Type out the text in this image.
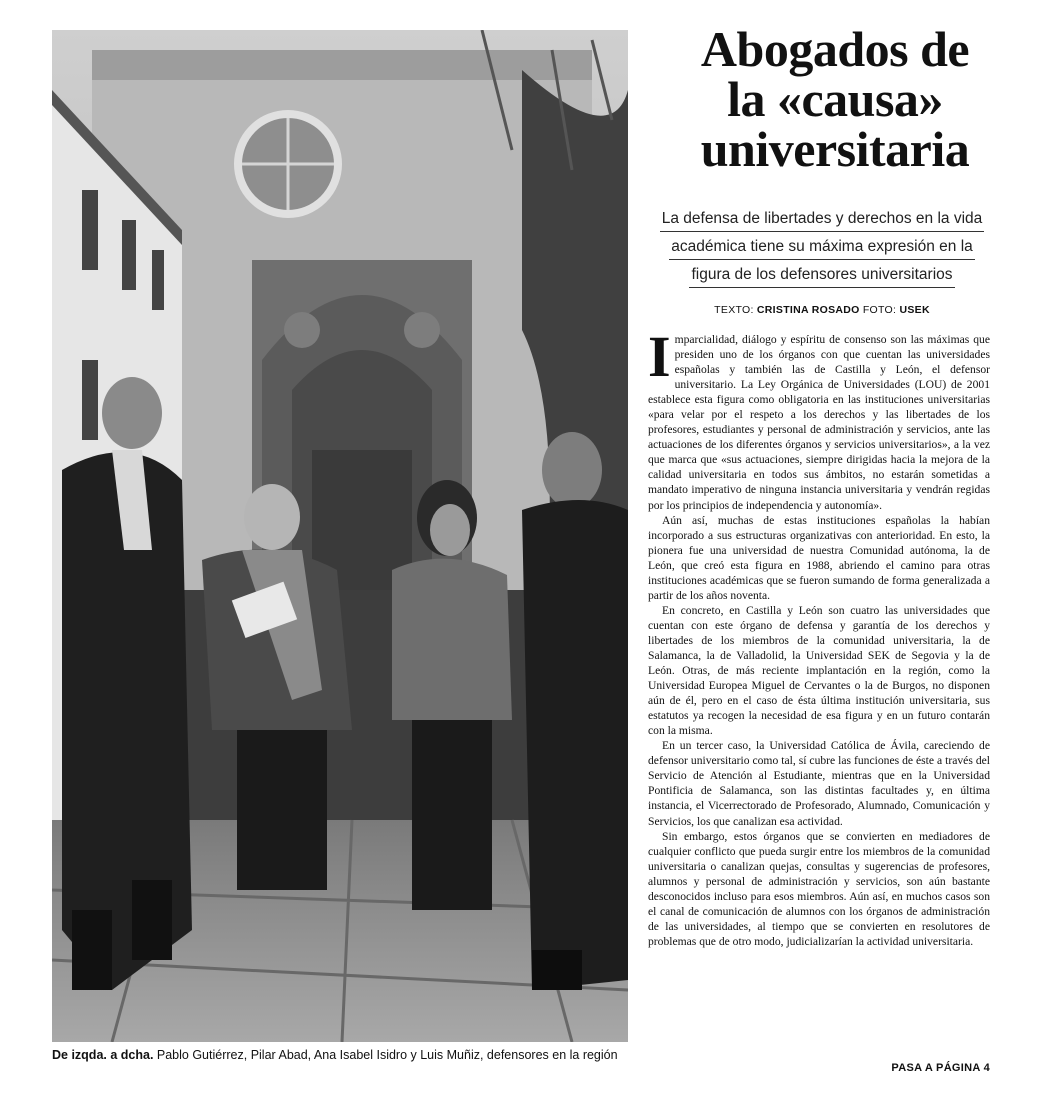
De izqda. a dcha. Pablo Gutiérrez, Pilar Abad, Ana Isabel Isidro y Luis Muñiz, defensores en la región
Abogados de
la «causa»
universitaria
La defensa de libertades y derechos en la vida
académica tiene su máxima expresión en la
figura de los defensores universitarios
TEXTO: CRISTINA ROSADO FOTO: USEK

Imparcialidad, diálogo y espíritu de consenso son las máximas que presiden uno de los órganos con que cuentan las universidades españolas y también las de Castilla y León, el defensor universitario. La Ley Orgánica de Universidades (LOU) de 2001 establece esta figura como obligatoria en las instituciones universitarias «para velar por el respeto a los derechos y las libertades de los profesores, estudiantes y personal de administración y servicios, ante las actuaciones de los diferentes órganos y servicios universitarios», a la vez que marca que «sus actuaciones, siempre dirigidas hacia la mejora de la calidad universitaria en todos sus ámbitos, no estarán sometidas a mandato imperativo de ninguna instancia universitaria y vendrán regidas por los principios de independencia y autonomía».

Aún así, muchas de estas instituciones españolas la habían incorporado a sus estructuras organizativas con anterioridad. En esto, la pionera fue una universidad de nuestra Comunidad autónoma, la de León, que creó esta figura en 1988, abriendo el camino para otras instituciones académicas que se fueron sumando de forma generalizada a partir de los años noventa.

En concreto, en Castilla y León son cuatro las universidades que cuentan con este órgano de defensa y garantía de los derechos y libertades de los miembros de la comunidad universitaria, la de Salamanca, la de Valladolid, la Universidad SEK de Segovia y la de León. Otras, de más reciente implantación en la región, como la Universidad Europea Miguel de Cervantes o la de Burgos, no disponen aún de él, pero en el caso de ésta última institución universitaria, sus estatutos ya recogen la necesidad de esa figura y en un futuro contarán con la misma.

En un tercer caso, la Universidad Católica de Ávila, careciendo de defensor universitario como tal, sí cubre las funciones de éste a través del Servicio de Atención al Estudiante, mientras que en la Universidad Pontificia de Salamanca, son las distintas facultades y, en última instancia, el Vicerrectorado de Profesorado, Alumnado, Comunicación y Servicios, los que canalizan esa actividad.

Sin embargo, estos órganos que se convierten en mediadores de cualquier conflicto que pueda surgir entre los miembros de la comunidad universitaria o canalizan quejas, consultas y sugerencias de profesores, alumnos y personal de administración y servicios, son aún bastante desconocidos incluso para esos miembros. Aún así, en muchos casos son el canal de comunicación de alumnos con los órganos de administración de las universidades, al tiempo que se convierten en resolutores de problemas que de otro modo, judicializarían la actividad universitaria.

PASA A PÁGINA 4
